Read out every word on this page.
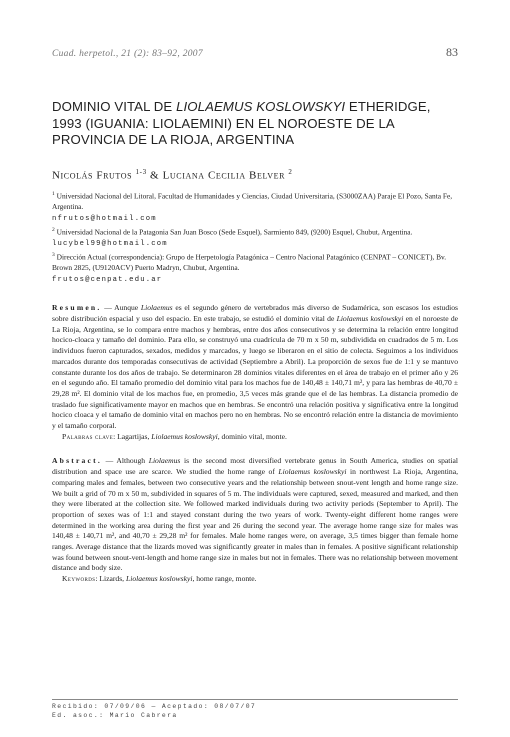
Cuad. herpetol., 21 (2): 83–92, 2007	83
DOMINIO VITAL DE LIOLAEMUS KOSLOWSKYI ETHERIDGE, 1993 (IGUANIA: LIOLAEMINI) EN EL NOROESTE DE LA PROVINCIA DE LA RIOJA, ARGENTINA
Nicolás Frutos $^{1-3}$ & Luciana Cecilia Belver $^2$

$^1$ Universidad Nacional del Litoral, Facultad de Humanidades y Ciencias, Ciudad Universitaria, (S3000ZAA) Paraje El Pozo, Santa Fe, Argentina.
nfrutos@hotmail.com

$^2$ Universidad Nacional de la Patagonia San Juan Bosco (Sede Esquel), Sarmiento 849, (9200) Esquel, Chubut, Argentina.
lucybel99@hotmail.com

$^3$ Dirección Actual (correspondencia): Grupo de Herpetología Patagónica – Centro Nacional Patagónico (CENPAT – CONICET), Bv. Brown 2825, (U9120ACV) Puerto Madryn, Chubut, Argentina.
frutos@cenpat.edu.ar

Resumen. — Aunque Liolaemus es el segundo género de vertebrados más diverso de Sudamérica, son escasos los estudios sobre distribución espacial y uso del espacio. En este trabajo, se estudió el dominio vital de Liolaemus koslowskyi en el noroeste de La Rioja, Argentina, se lo compara entre machos y hembras, entre dos años consecutivos y se determina la relación entre longitud hocico-cloaca y tamaño del dominio. Para ello, se construyó una cuadrícula de 70 m x 50 m, subdividida en cuadrados de 5 m. Los individuos fueron capturados, sexados, medidos y marcados, y luego se liberaron en el sitio de colecta. Seguimos a los individuos marcados durante dos temporadas consecutivas de actividad (Septiembre a Abril). La proporción de sexos fue de 1:1 y se mantuvo constante durante los dos años de trabajo. Se determinaron 28 dominios vitales diferentes en el área de trabajo en el primer año y 26 en el segundo año. El tamaño promedio del dominio vital para los machos fue de 140,48 ± 140,71 m², y para las hembras de 40,70 ± 29,28 m². El dominio vital de los machos fue, en promedio, 3,5 veces más grande que el de las hembras. La distancia promedio de traslado fue significativamente mayor en machos que en hembras. Se encontró una relación positiva y significativa entre la longitud hocico cloaca y el tamaño de dominio vital en machos pero no en hembras. No se encontró relación entre la distancia de movimiento y el tamaño corporal.

Palabras clave: Lagartijas, Liolaemus koslowskyi, dominio vital, monte.

Abstract. — Although Liolaemus is the second most diversified vertebrate genus in South America, studies on spatial distribution and space use are scarce. We studied the home range of Liolaemus koslowskyi in northwest La Rioja, Argentina, comparing males and females, between two consecutive years and the relationship between snout-vent length and home range size. We built a grid of 70 m x 50 m, subdivided in squares of 5 m. The individuals were captured, sexed, measured and marked, and then they were liberated at the collection site. We followed marked individuals during two activity periods (September to April). The proportion of sexes was of 1:1 and stayed constant during the two years of work. Twenty-eight different home ranges were determined in the working area during the first year and 26 during the second year. The average home range size for males was 140,48 ± 140,71 m², and 40,70 ± 29,28 m² for females. Male home ranges were, on average, 3,5 times bigger than female home ranges. Average distance that the lizards moved was significantly greater in males than in females. A positive significant relationship was found between snout-vent-length and home range size in males but not in females. There was no relationship between movement distance and body size.

Keywords: Lizards, Liolaemus koslowskyi, home range, monte.

Recibido: 07/09/06 — Aceptado: 08/07/07
Ed. asoc.: Mario Cabrera
